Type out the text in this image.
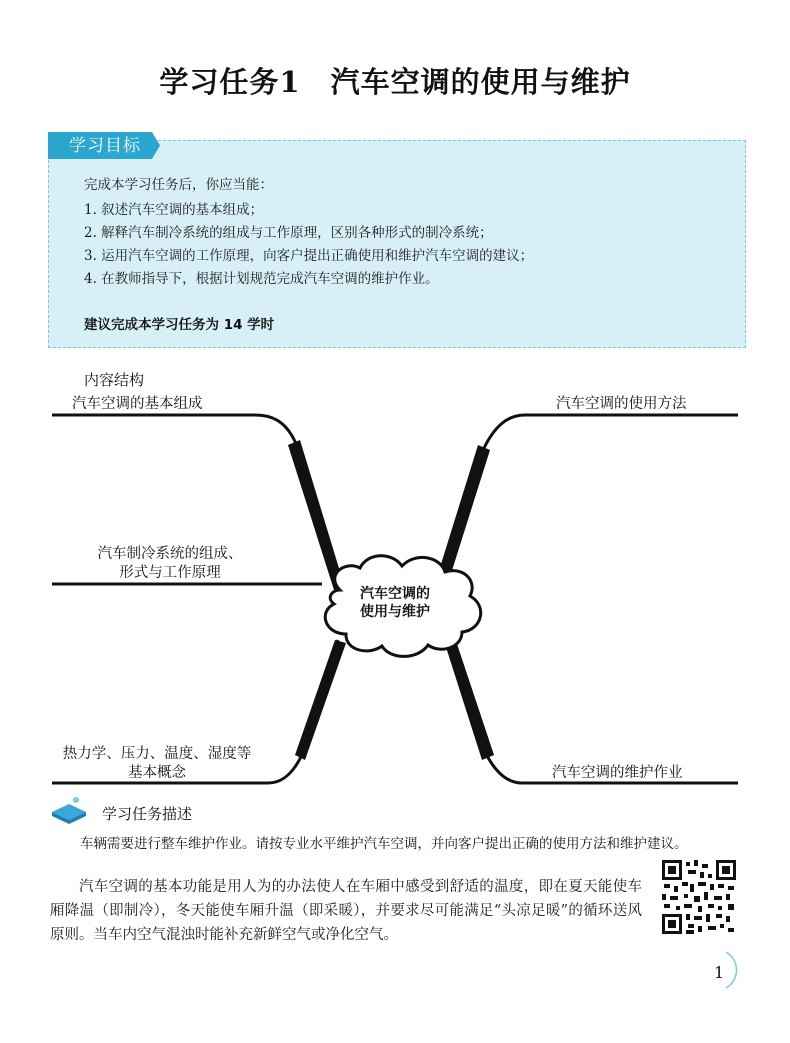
学习任务1　汽车空调的使用与维护
学习目标
完成本学习任务后，你应当能：
1. 叙述汽车空调的基本组成；
2. 解释汽车制冷系统的组成与工作原理，区别各种形式的制冷系统；
3. 运用汽车空调的工作原理，向客户提出正确使用和维护汽车空调的建议；
4. 在教师指导下，根据计划规范完成汽车空调的维护作业。
建议完成本学习任务为 14 学时
内容结构
汽车空调的
使用与维护
汽车空调的基本组成	汽车空调的使用方法
汽车制冷系统的组成、
形式与工作原理
热力学、压力、温度、湿度等
基本概念	汽车空调的维护作业
学习任务描述
车辆需要进行整车维护作业。请按专业水平维护汽车空调，并向客户提出正确的使用方法和维护建议。
汽车空调的基本功能是用人为的办法使人在车厢中感受到舒适的温度，即在夏天能使车厢降温（即制冷），冬天能使车厢升温（即采暖），并要求尽可能满足“头凉足暖”的循环送风原则。当车内空气混浊时能补充新鲜空气或净化空气。
1
